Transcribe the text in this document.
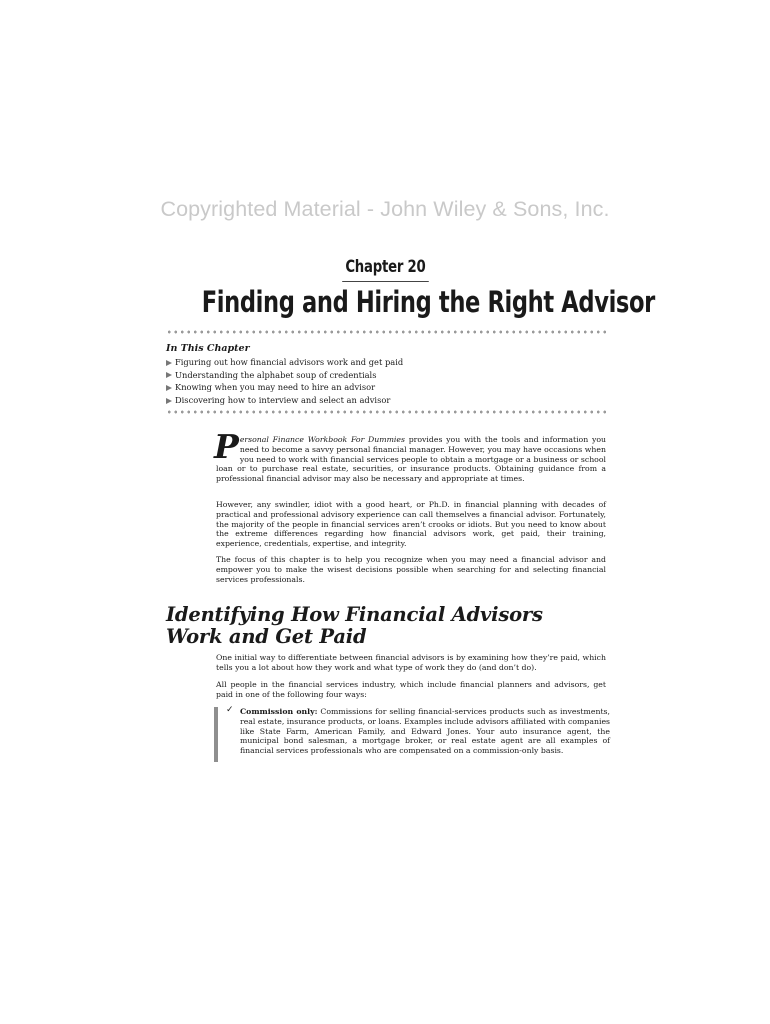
Copyrighted Material - John Wiley & Sons, Inc.
Chapter 20
Finding and Hiring the Right Advisor
In This Chapter
Figuring out how financial advisors work and get paid
Understanding the alphabet soup of credentials
Knowing when you may need to hire an advisor
Discovering how to interview and select an advisor
Personal Finance Workbook For Dummies provides you with the tools and information you need to become a savvy personal financial manager. However, you may have occasions when you need to work with financial services people to obtain a mortgage or a business or school loan or to purchase real estate, securities, or insurance products. Obtaining guidance from a professional financial advisor may also be necessary and appropriate at times.
However, any swindler, idiot with a good heart, or Ph.D. in financial planning with decades of practical and professional advisory experience can call themselves a financial advisor. Fortunately, the majority of the people in financial services aren’t crooks or idiots. But you need to know about the extreme differences regarding how financial advisors work, get paid, their training, experience, credentials, expertise, and integrity.
The focus of this chapter is to help you recognize when you may need a financial advisor and empower you to make the wisest decisions possible when searching for and selecting financial services professionals.
Identifying How Financial Advisors
Work and Get Paid
One initial way to differentiate between financial advisors is by examining how they’re paid, which tells you a lot about how they work and what type of work they do (and don’t do).
All people in the financial services industry, which include financial planners and advisors, get paid in one of the following four ways:
✓ Commission only: Commissions for selling financial-services products such as investments, real estate, insurance products, or loans. Examples include advisors affiliated with companies like State Farm, American Family, and Edward Jones. Your auto insurance agent, the municipal bond salesman, a mortgage broker, or real estate agent are all examples of financial services professionals who are compensated on a commission-only basis.
